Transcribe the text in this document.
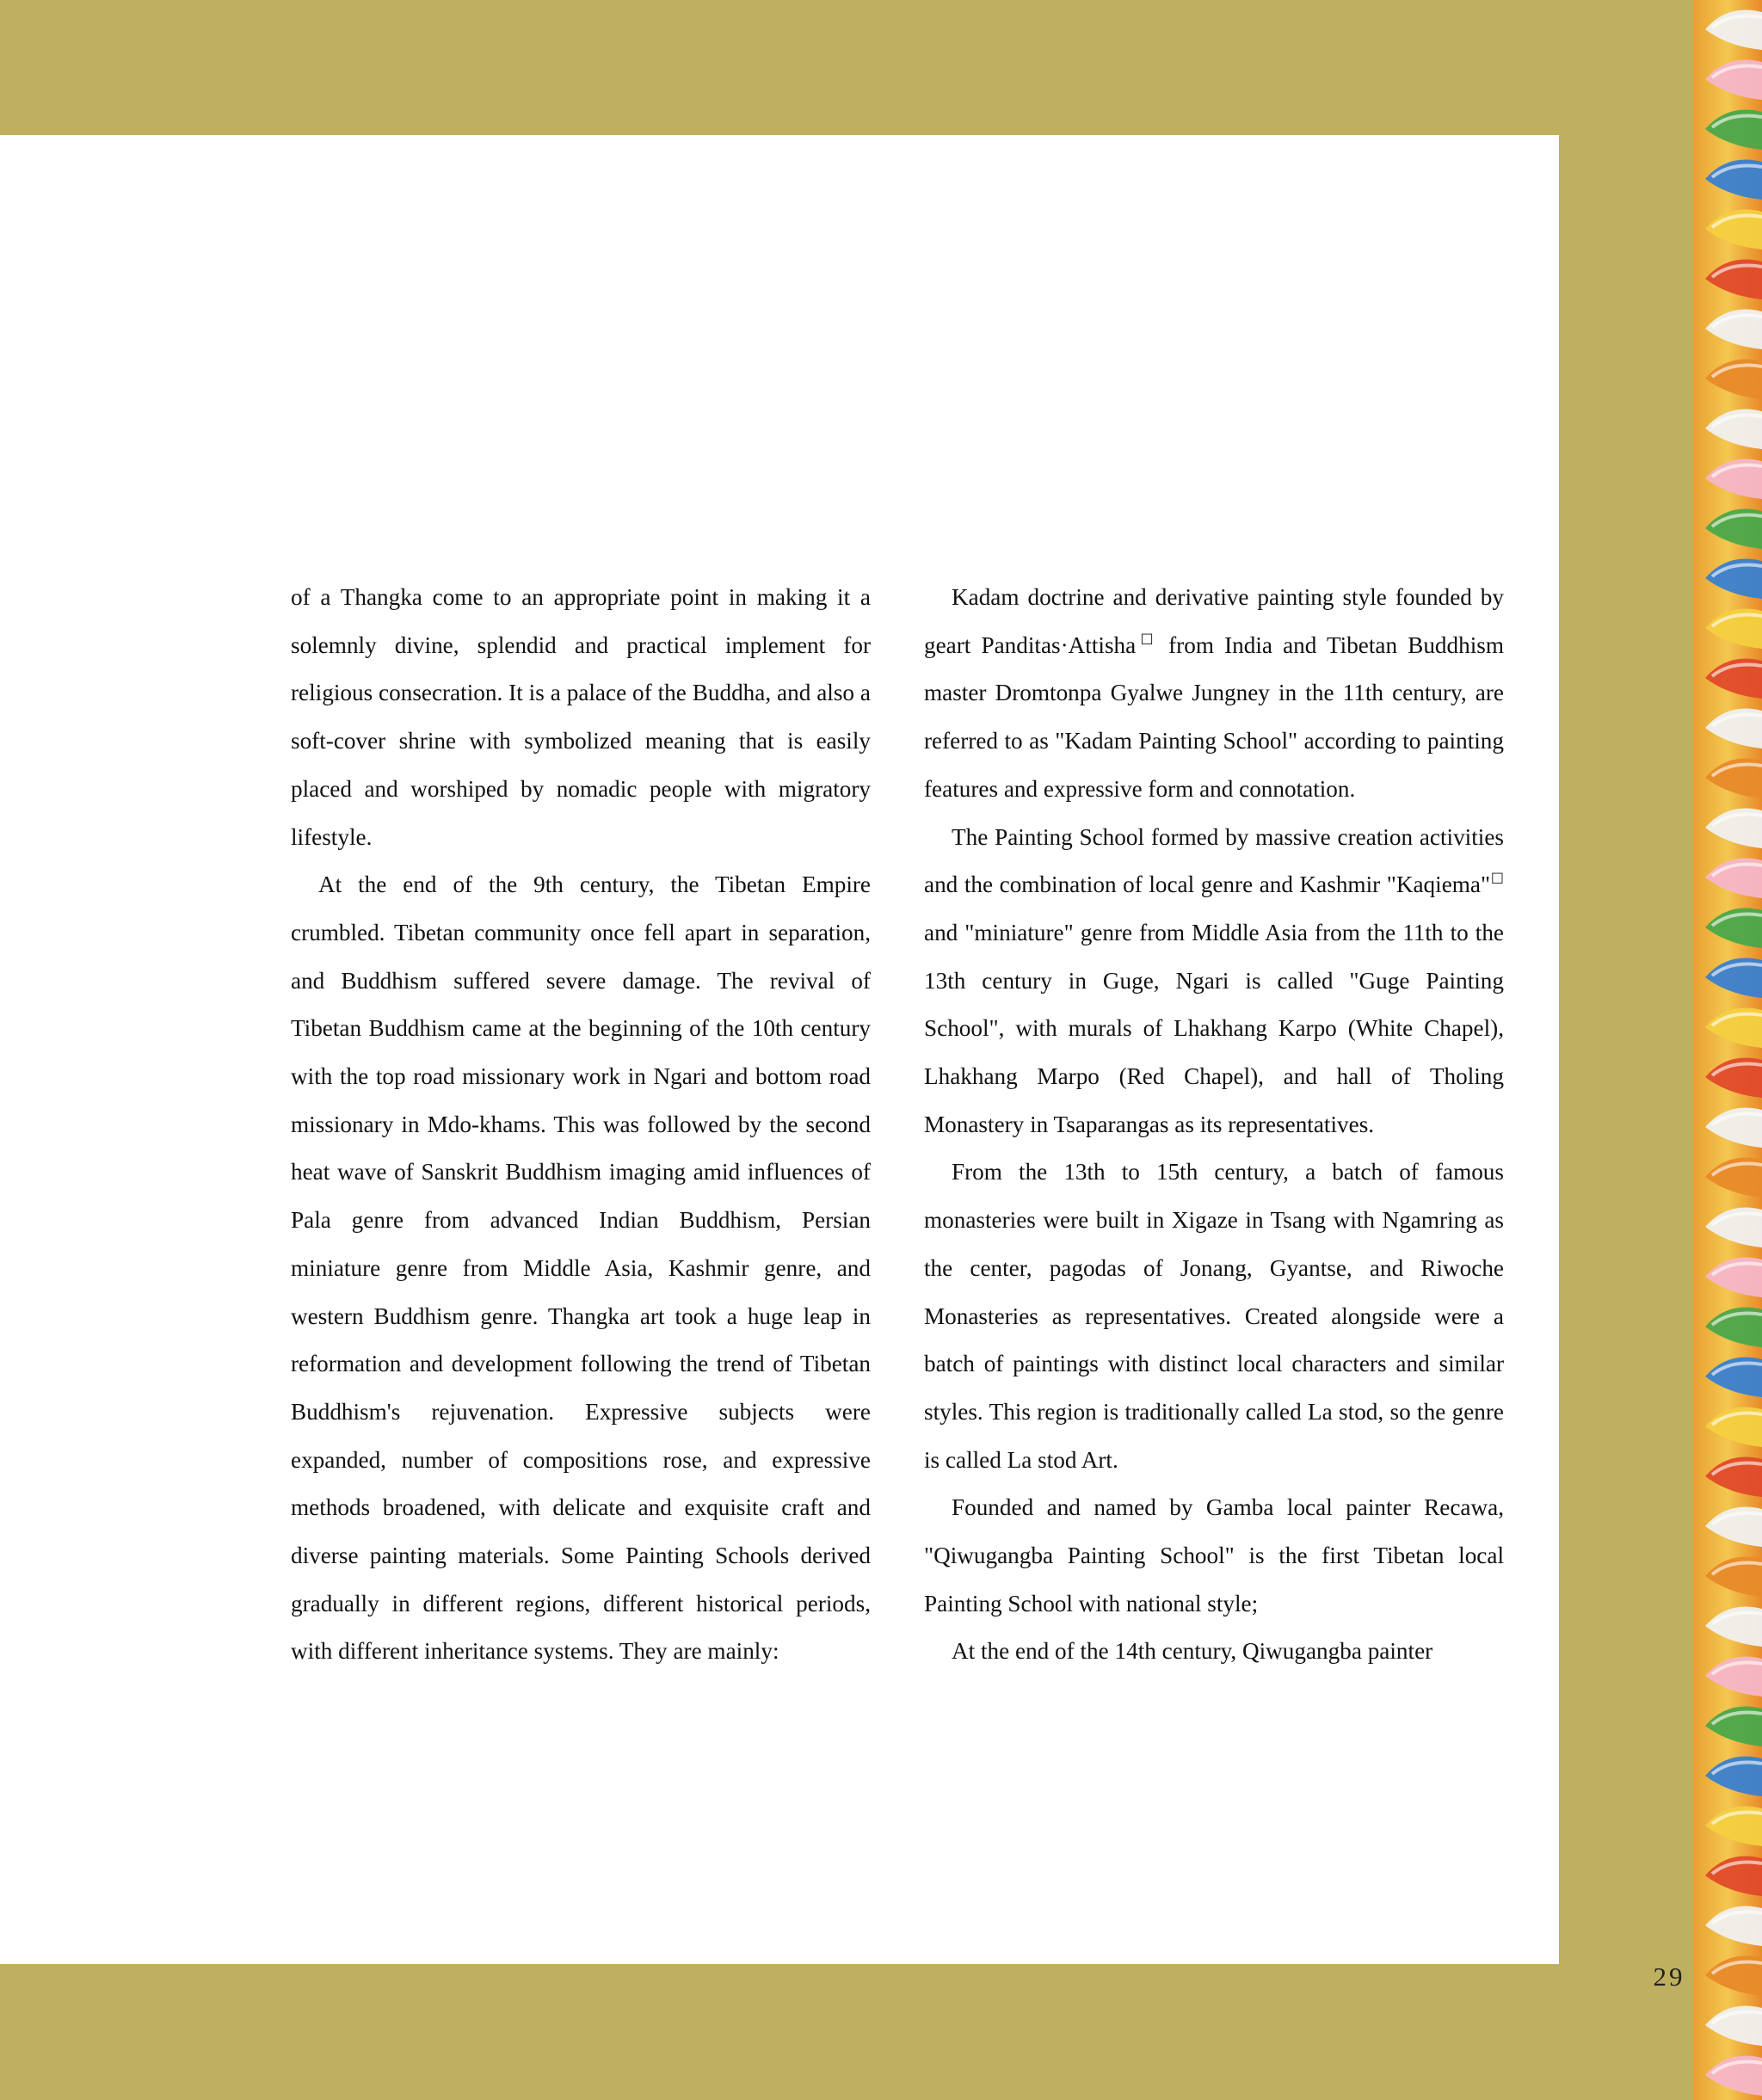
of a Thangka come to an appropriate point in making it a solemnly divine, splendid and practical implement for religious consecration. It is a palace of the Buddha, and also a soft-cover shrine with symbolized meaning that is easily placed and worshiped by nomadic people with migratory lifestyle.

At the end of the 9th century, the Tibetan Empire crumbled. Tibetan community once fell apart in separation, and Buddhism suffered severe damage. The revival of Tibetan Buddhism came at the beginning of the 10th century with the top road missionary work in Ngari and bottom road missionary in Mdo-khams. This was followed by the second heat wave of Sanskrit Buddhism imaging amid influences of Pala genre from advanced Indian Buddhism, Persian miniature genre from Middle Asia, Kashmir genre, and western Buddhism genre. Thangka art took a huge leap in reformation and development following the trend of Tibetan Buddhism's rejuvenation. Expressive subjects were expanded, number of compositions rose, and expressive methods broadened, with delicate and exquisite craft and diverse painting materials. Some Painting Schools derived gradually in different regions, different historical periods, with different inheritance systems. They are mainly:

Kadam doctrine and derivative painting style founded by geart Panditas·Attisha□ from India and Tibetan Buddhism master Dromtonpa Gyalwe Jungney in the 11th century, are referred to as "Kadam Painting School" according to painting features and expressive form and connotation.

The Painting School formed by massive creation activities and the combination of local genre and Kashmir "Kaqiema"□ and "miniature" genre from Middle Asia from the 11th to the 13th century in Guge, Ngari is called "Guge Painting School", with murals of Lhakhang Karpo (White Chapel), Lhakhang Marpo (Red Chapel), and hall of Tholing Monastery in Tsaparangas as its representatives.

From the 13th to 15th century, a batch of famous monasteries were built in Xigaze in Tsang with Ngamring as the center, pagodas of Jonang, Gyantse, and Riwoche Monasteries as representatives. Created alongside were a batch of paintings with distinct local characters and similar styles. This region is traditionally called La stod, so the genre is called La stod Art.

Founded and named by Gamba local painter Recawa, "Qiwugangba Painting School" is the first Tibetan local Painting School with national style;

At the end of the 14th century, Qiwugangba painter

29
